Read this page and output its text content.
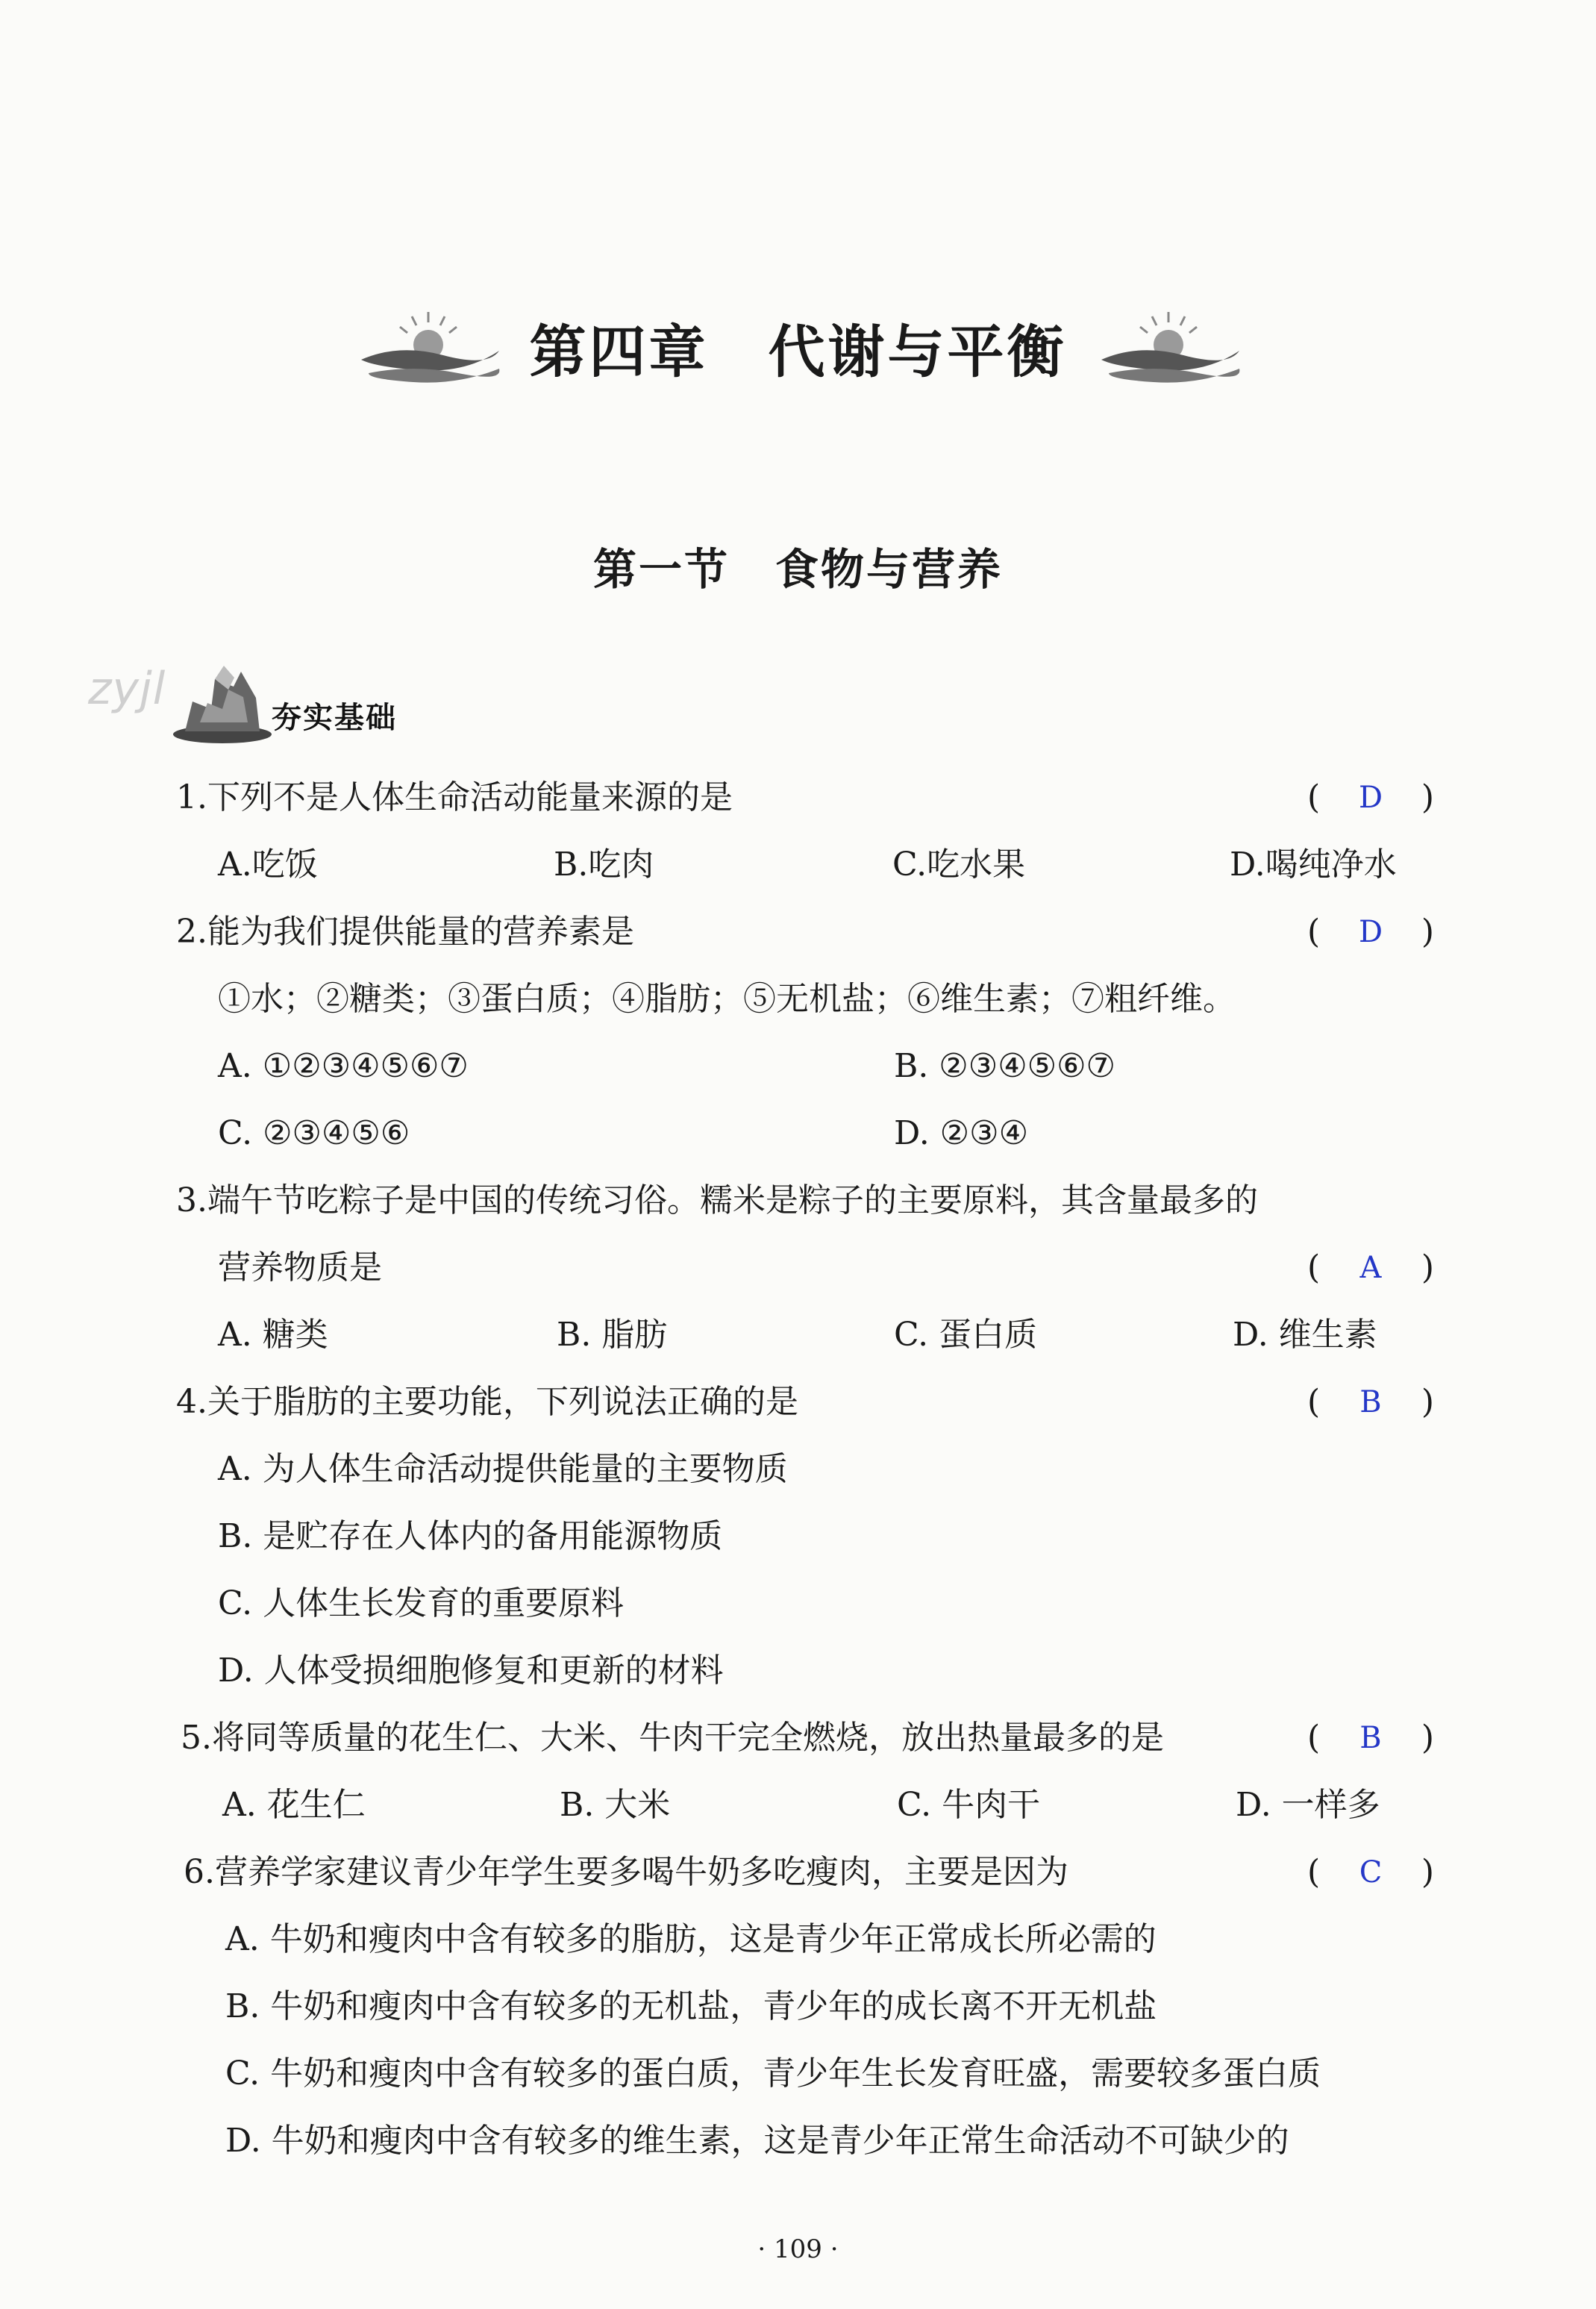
第四章　代谢与平衡
第一节　食物与营养
zyjl
夯实基础
1.下列不是人体生命活动能量来源的是	( D )
A.吃饭	B.吃肉	C.吃水果	D.喝纯净水
2.能为我们提供能量的营养素是	( D )
①水；②糖类；③蛋白质；④脂肪；⑤无机盐；⑥维生素；⑦粗纤维。
A. ①②③④⑤⑥⑦	B. ②③④⑤⑥⑦
C. ②③④⑤⑥	D. ②③④
3.端午节吃粽子是中国的传统习俗。糯米是粽子的主要原料，其含量最多的
营养物质是	( A )
A. 糖类	B. 脂肪	C. 蛋白质	D. 维生素
4.关于脂肪的主要功能，下列说法正确的是	( B )
A. 为人体生命活动提供能量的主要物质
B. 是贮存在人体内的备用能源物质
C. 人体生长发育的重要原料
D. 人体受损细胞修复和更新的材料
5.将同等质量的花生仁、大米、牛肉干完全燃烧，放出热量最多的是	( B )
A. 花生仁	B. 大米	C. 牛肉干	D. 一样多
6.营养学家建议青少年学生要多喝牛奶多吃瘦肉，主要是因为	( C )
A. 牛奶和瘦肉中含有较多的脂肪，这是青少年正常成长所必需的
B. 牛奶和瘦肉中含有较多的无机盐，青少年的成长离不开无机盐
C. 牛奶和瘦肉中含有较多的蛋白质，青少年生长发育旺盛，需要较多蛋白质
D. 牛奶和瘦肉中含有较多的维生素，这是青少年正常生命活动不可缺少的
· 109 ·
